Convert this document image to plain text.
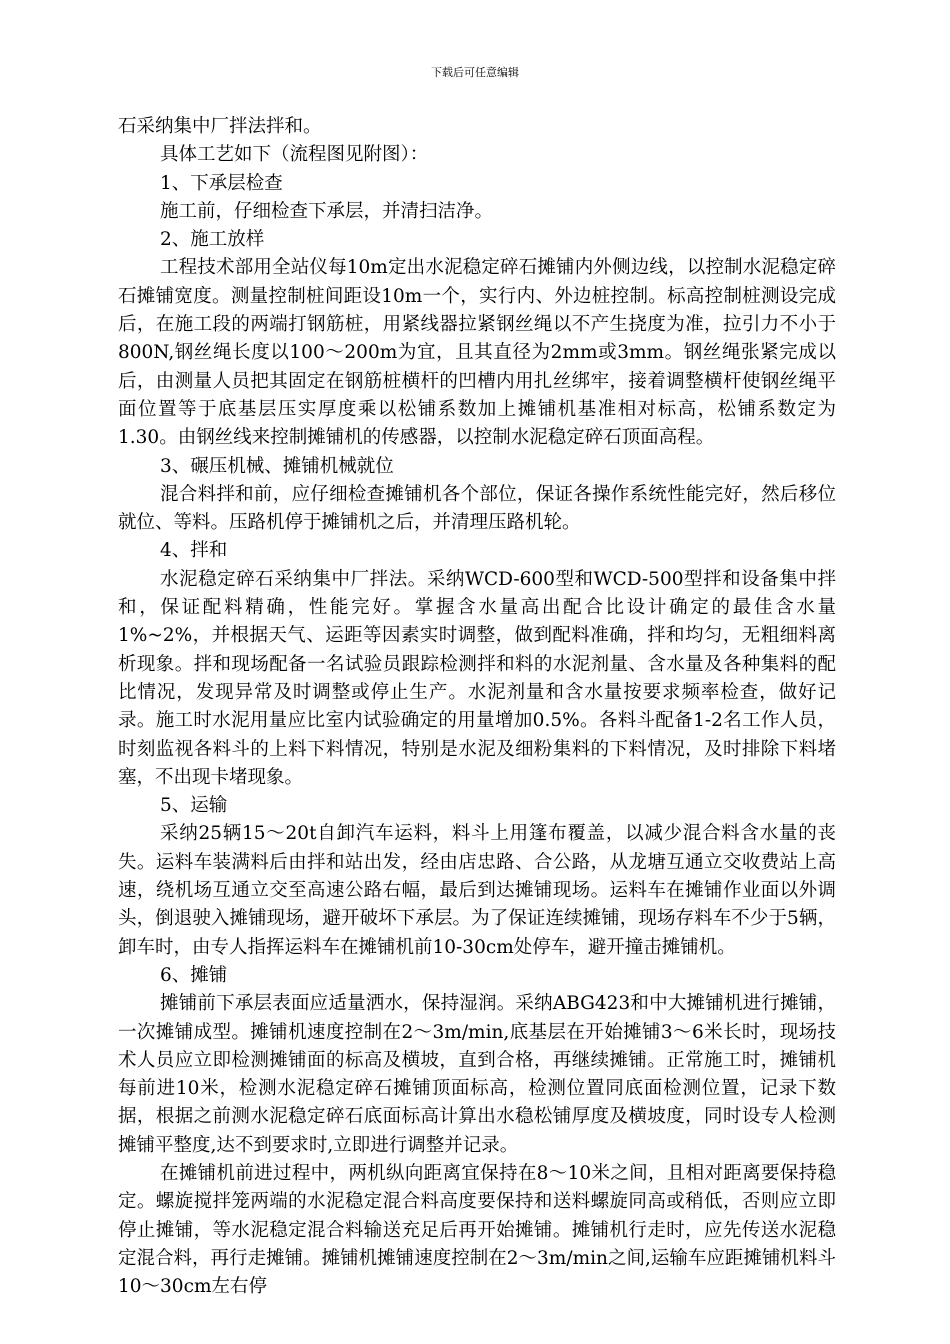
下载后可任意编辑

石采纳集中厂拌法拌和。

具体工艺如下（流程图见附图）：

1、下承层检查

施工前，仔细检查下承层，并清扫洁净。

2、施工放样

工程技术部用全站仪每10m定出水泥稳定碎石摊铺内外侧边线，以控制水泥稳定碎石摊铺宽度。测量控制桩间距设10m一个，实行内、外边桩控制。标高控制桩测设完成后，在施工段的两端打钢筋桩，用紧线器拉紧钢丝绳以不产生挠度为准，拉引力不小于800N,钢丝绳长度以100～200m为宜，且其直径为2mm或3mm。钢丝绳张紧完成以后，由测量人员把其固定在钢筋桩横杆的凹槽内用扎丝绑牢，接着调整横杆使钢丝绳平面位置等于底基层压实厚度乘以松铺系数加上摊铺机基准相对标高，松铺系数定为1.30。由钢丝线来控制摊铺机的传感器，以控制水泥稳定碎石顶面高程。

3、碾压机械、摊铺机械就位

混合料拌和前，应仔细检查摊铺机各个部位，保证各操作系统性能完好，然后移位就位、等料。压路机停于摊铺机之后，并清理压路机轮。

4、拌和

水泥稳定碎石采纳集中厂拌法。采纳WCD-600型和WCD-500型拌和设备集中拌和，保证配料精确，性能完好。掌握含水量高出配合比设计确定的最佳含水量1%~2%，并根据天气、运距等因素实时调整，做到配料准确，拌和均匀，无粗细料离析现象。拌和现场配备一名试验员跟踪检测拌和料的水泥剂量、含水量及各种集料的配比情况，发现异常及时调整或停止生产。水泥剂量和含水量按要求频率检查，做好记录。施工时水泥用量应比室内试验确定的用量增加0.5%。各料斗配备1-2名工作人员，时刻监视各料斗的上料下料情况，特别是水泥及细粉集料的下料情况，及时排除下料堵塞，不出现卡堵现象。

5、运输

采纳25辆15～20t自卸汽车运料，料斗上用篷布覆盖，以减少混合料含水量的丧失。运料车装满料后由拌和站出发，经由店忠路、合公路，从龙塘互通立交收费站上高速，绕机场互通立交至高速公路右幅，最后到达摊铺现场。运料车在摊铺作业面以外调头，倒退驶入摊铺现场，避开破坏下承层。为了保证连续摊铺，现场存料车不少于5辆，卸车时，由专人指挥运料车在摊铺机前10-30cm处停车，避开撞击摊铺机。

6、摊铺

摊铺前下承层表面应适量洒水，保持湿润。采纳ABG423和中大摊铺机进行摊铺，一次摊铺成型。摊铺机速度控制在2～3m/min,底基层在开始摊铺3～6米长时，现场技术人员应立即检测摊铺面的标高及横坡，直到合格，再继续摊铺。正常施工时，摊铺机每前进10米，检测水泥稳定碎石摊铺顶面标高，检测位置同底面检测位置，记录下数据，根据之前测水泥稳定碎石底面标高计算出水稳松铺厚度及横坡度，同时设专人检测摊铺平整度,达不到要求时,立即进行调整并记录。

在摊铺机前进过程中，两机纵向距离宜保持在8～10米之间，且相对距离要保持稳定。螺旋搅拌笼两端的水泥稳定混合料高度要保持和送料螺旋同高或稍低，否则应立即停止摊铺，等水泥稳定混合料输送充足后再开始摊铺。摊铺机行走时，应先传送水泥稳定混合料，再行走摊铺。摊铺机摊铺速度控制在2～3m/min之间,运输车应距摊铺机料斗10～30cm左右停
